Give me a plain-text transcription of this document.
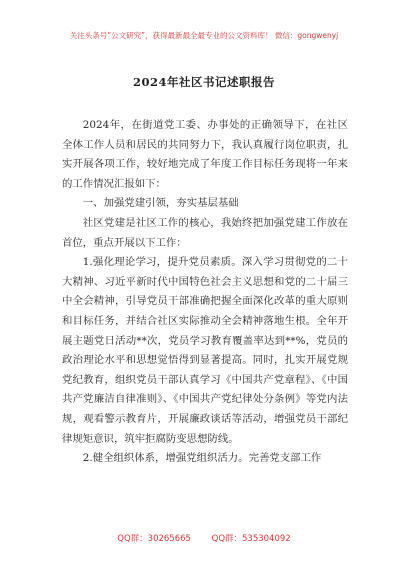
关注头条号“公文研究”，获得最新最全最专业的公文资料库！ 微信：gongwenyj
2024年社区书记述职报告

2024年，在街道党工委、办事处的正确领导下，在社区全体工作人员和居民的共同努力下，我认真履行岗位职责，扎实开展各项工作，较好地完成了年度工作目标任务现将一年来的工作情况汇报如下：

一、加强党建引领，夯实基层基础

社区党建是社区工作的核心，我始终把加强党建工作放在首位，重点开展以下工作：

1.强化理论学习，提升党员素质。深入学习贯彻党的二十大精神、习近平新时代中国特色社会主义思想和党的二十届三中全会精神，引导党员干部准确把握全面深化改革的重大原则和目标任务，并结合社区实际推动全会精神落地生根。全年开展主题党日活动**次，党员学习教育覆盖率达到**%，党员的政治理论水平和思想觉悟得到显著提高。同时，扎实开展党规党纪教育，组织党员干部认真学习《中国共产党章程》、《中国共产党廉洁自律准则》、《中国共产党纪律处分条例》等党内法规，观看警示教育片，开展廉政谈话等活动，增强党员干部纪律规矩意识，筑牢拒腐防变思想防线。

2.健全组织体系，增强党组织活力。完善党支部工作

QQ群：30265665 QQ群：535304092
